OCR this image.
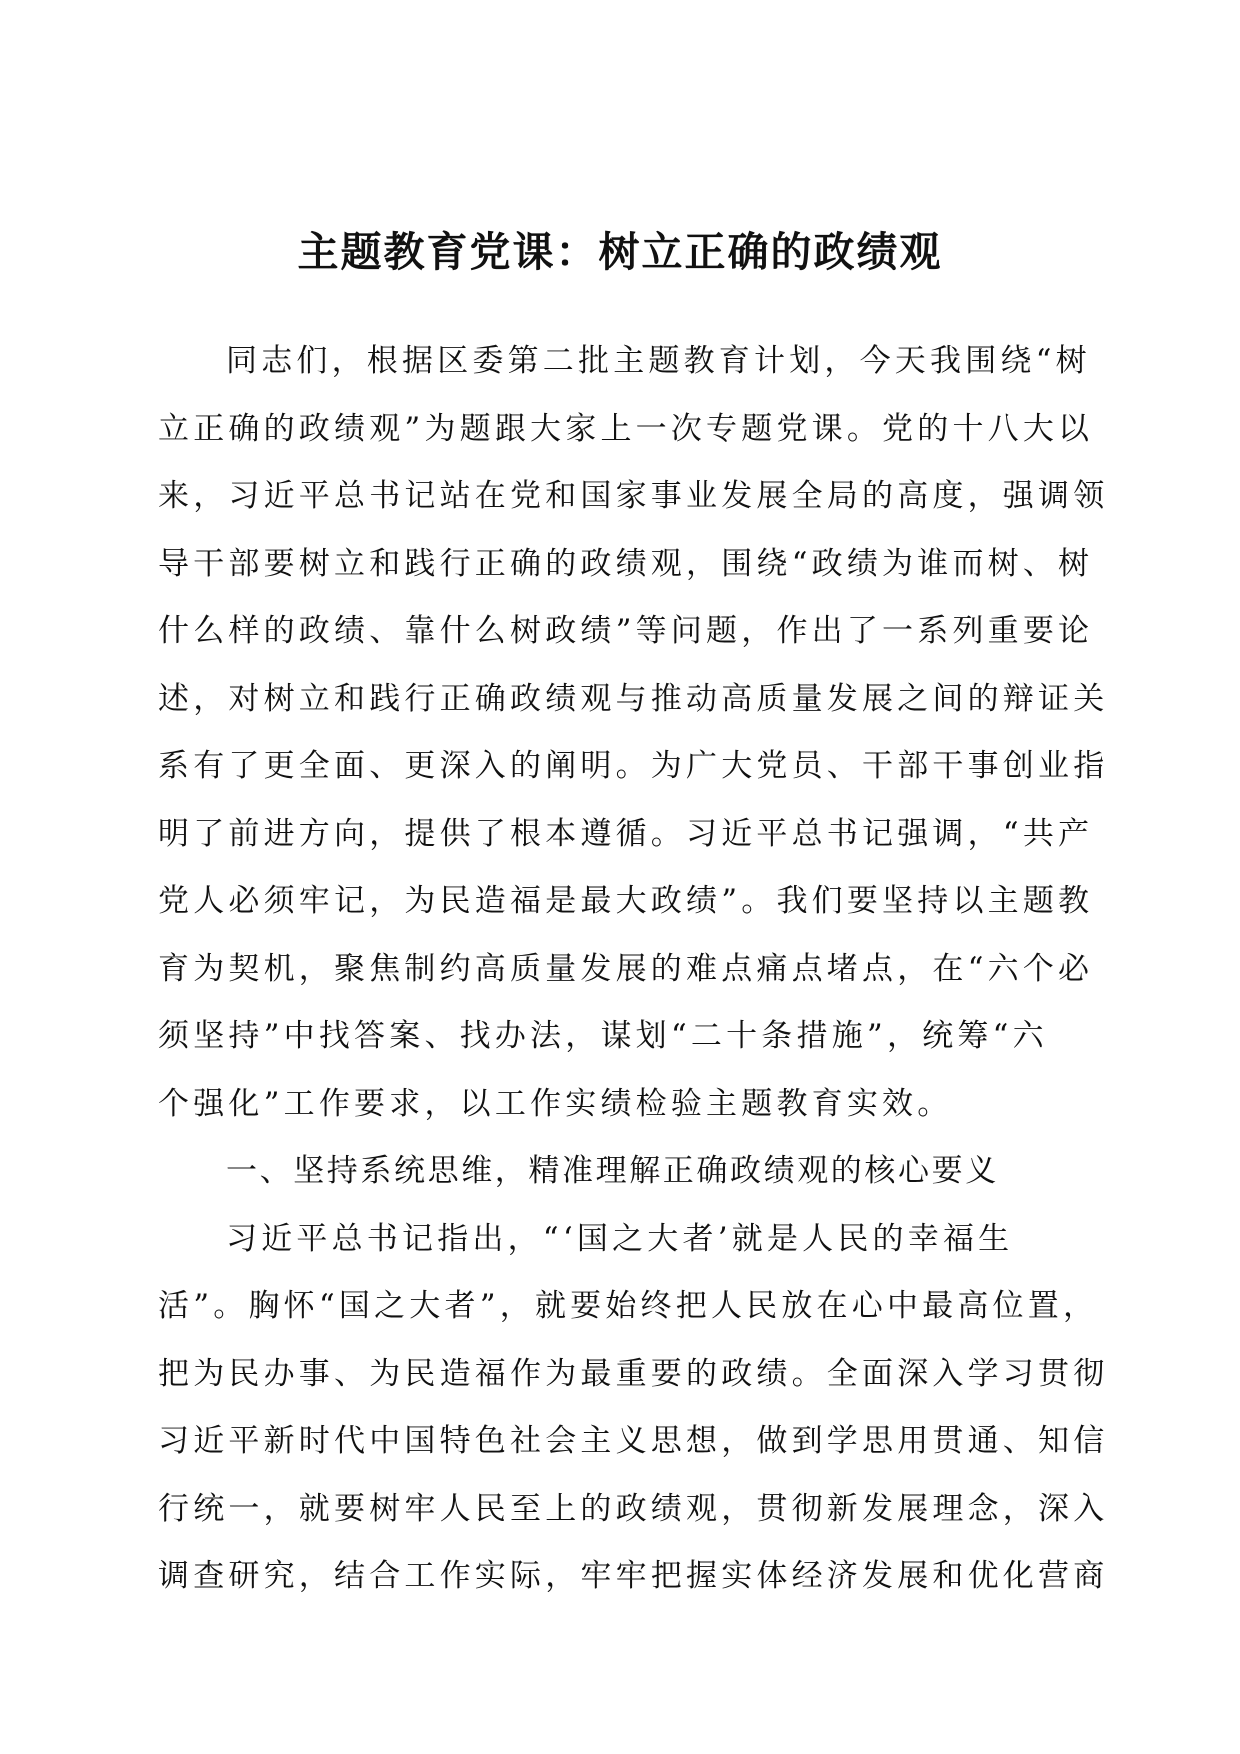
主题教育党课：树立正确的政绩观
同志们，根据区委第二批主题教育计划，今天我围绕“树
立正确的政绩观”为题跟大家上一次专题党课。党的十八大以
来，习近平总书记站在党和国家事业发展全局的高度，强调领
导干部要树立和践行正确的政绩观，围绕“政绩为谁而树、树
什么样的政绩、靠什么树政绩”等问题，作出了一系列重要论
述，对树立和践行正确政绩观与推动高质量发展之间的辩证关
系有了更全面、更深入的阐明。为广大党员、干部干事创业指
明了前进方向，提供了根本遵循。习近平总书记强调，“共产
党人必须牢记，为民造福是最大政绩”。我们要坚持以主题教
育为契机，聚焦制约高质量发展的难点痛点堵点，在“六个必
须坚持”中找答案、找办法，谋划“二十条措施”，统筹“六
个强化”工作要求，以工作实绩检验主题教育实效。
一、坚持系统思维，精准理解正确政绩观的核心要义
习近平总书记指出，“‘国之大者’就是人民的幸福生
活”。胸怀“国之大者”，就要始终把人民放在心中最高位置，
把为民办事、为民造福作为最重要的政绩。全面深入学习贯彻
习近平新时代中国特色社会主义思想，做到学思用贯通、知信
行统一，就要树牢人民至上的政绩观，贯彻新发展理念，深入
调查研究，结合工作实际，牢牢把握实体经济发展和优化营商
